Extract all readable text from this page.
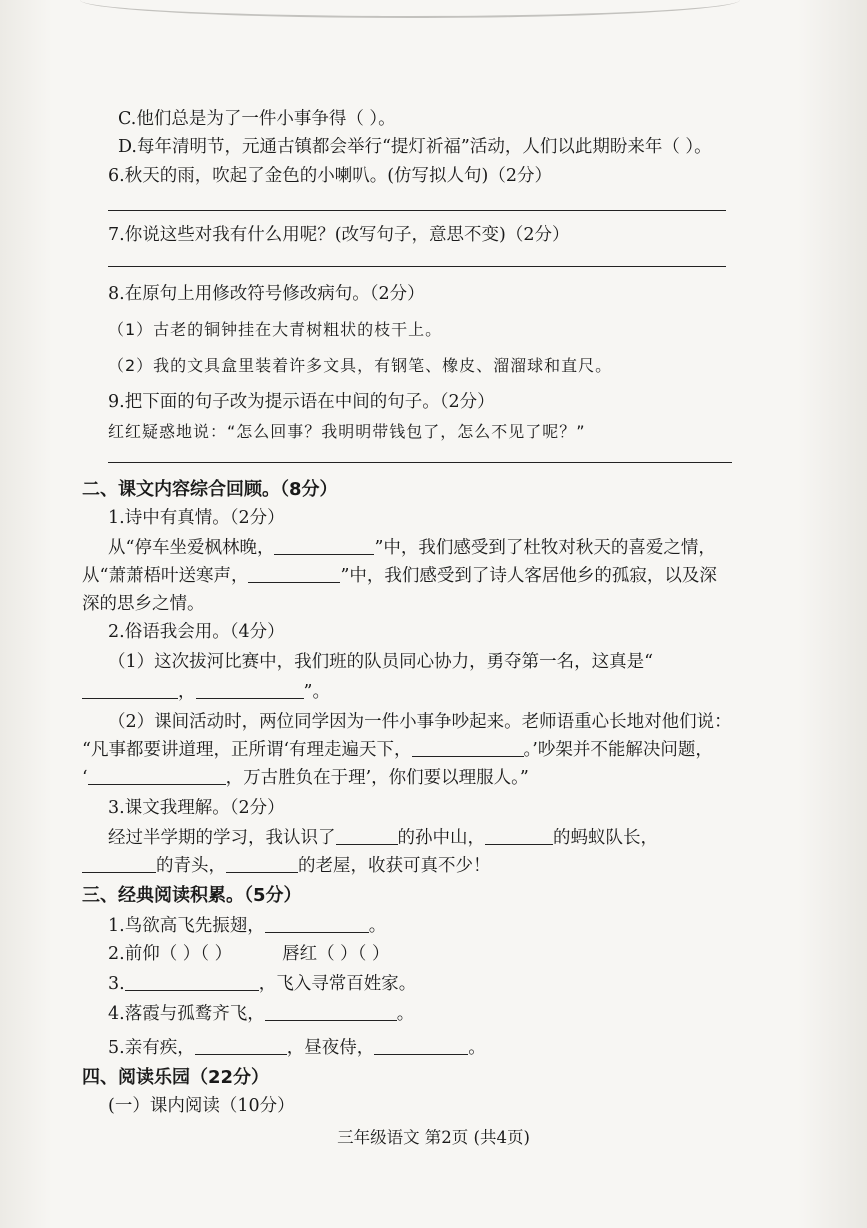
C.他们总是为了一件小事争得（ ）。
D.每年清明节，元通古镇都会举行“提灯祈福”活动，人们以此期盼来年（ ）。
6.秋天的雨，吹起了金色的小喇叭。(仿写拟人句)（2分）
7.你说这些对我有什么用呢？(改写句子，意思不变)（2分）
8.在原句上用修改符号修改病句。（2分）
（1）古老的铜钟挂在大青树粗状的枝干上。
（2）我的文具盒里装着许多文具，有钢笔、橡皮、溜溜球和直尺。
9.把下面的句子改为提示语在中间的句子。（2分）
红红疑惑地说：“怎么回事？我明明带钱包了，怎么不见了呢？”
二、课文内容综合回顾。（8分）
1.诗中有真情。（2分）
从“停车坐爱枫林晚，	”中，我们感受到了杜牧对秋天的喜爱之情，
从“萧萧梧叶送寒声，	”中，我们感受到了诗人客居他乡的孤寂，以及深
深的思乡之情。
2.俗语我会用。（4分）
（1）这次拔河比赛中，我们班的队员同心协力，勇夺第一名，这真是“
，	”。
（2）课间活动时，两位同学因为一件小事争吵起来。老师语重心长地对他们说：
“凡事都要讲道理，正所谓‘有理走遍天下，	。’吵架并不能解决问题，
‘	，万古胜负在于理’，你们要以理服人。”
3.课文我理解。（2分）
经过半学期的学习，我认识了	的孙中山，	的蚂蚁队长，
的青头，	的老屋，收获可真不少！
三、经典阅读积累。（5分）
1.鸟欲高飞先振翅，	。
2.前仰（ ）（ ）	唇红（ ）（ ）
3.	，飞入寻常百姓家。
4.落霞与孤鹜齐飞，	。
5.亲有疾，	，昼夜侍，	。
四、阅读乐园（22分）
(一）课内阅读（10分）
三年级语文 第2页 (共4页)
